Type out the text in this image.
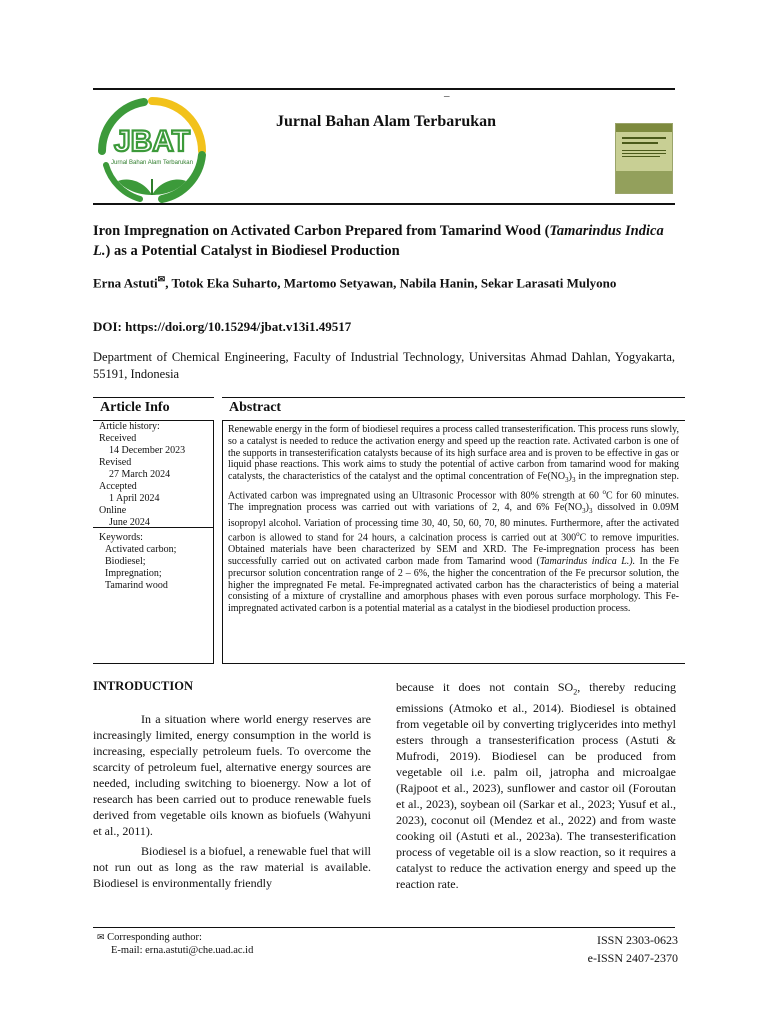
_
JBAT
Jurnal Bahan Alam Terbarukan
Jurnal Bahan Alam Terbarukan
Iron Impregnation on Activated Carbon Prepared from Tamarind Wood (Tamarindus Indica L.) as a Potential Catalyst in Biodiesel Production
Erna Astuti✉, Totok Eka Suharto, Martomo Setyawan, Nabila Hanin, Sekar Larasati Mulyono
DOI: https://doi.org/10.15294/jbat.v13i1.49517
Department of Chemical Engineering, Faculty of Industrial Technology, Universitas Ahmad Dahlan, Yogyakarta, 55191, Indonesia
Article Info	Abstract
Article history:
Received
14 December 2023
Revised
27 March 2024
Accepted
1 April 2024
Online
June 2024
Keywords:
Activated carbon;
Biodiesel;
Impregnation;
Tamarind wood
Renewable energy in the form of biodiesel requires a process called transesterification. This process runs slowly, so a catalyst is needed to reduce the activation energy and speed up the reaction rate. Activated carbon is one of the supports in transesterification catalysts because of its high surface area and is proven to be effective in gas or liquid phase reactions. This work aims to study the potential of active carbon from tamarind wood for making catalysts, the characteristics of the catalyst and the optimal concentration of $Fe(NO_3)_3$ in the impregnation step. Activated carbon was impregnated using an Ultrasonic Processor with 80% strength at 60 $^o$C for 60 minutes. The impregnation process was carried out with variations of 2, 4, and 6% $Fe(NO_3)_3$ dissolved in 0.09M isopropyl alcohol. Variation of processing time 30, 40, 50, 60, 70, 80 minutes. Furthermore, after the activated carbon is allowed to stand for 24 hours, a calcination process is carried out at 300$^o$C to remove impurities. Obtained materials have been characterized by SEM and XRD. The Fe-impregnation process has been successfully carried out on activated carbon made from Tamarind wood (Tamarindus indica L.). In the Fe precursor solution concentration range of 2 – 6%, the higher the concentration of the Fe precursor solution, the higher the impregnated Fe metal. Fe-impregnated activated carbon has the characteristics of being a material consisting of a mixture of crystalline and amorphous phases with even porous surface morphology. This Fe-impregnated activated carbon is a potential material as a catalyst in the biodiesel production process.
INTRODUCTION

In a situation where world energy reserves are increasingly limited, energy consumption in the world is increasing, especially petroleum fuels. To overcome the scarcity of petroleum fuel, alternative energy sources are needed, including switching to bioenergy. Now a lot of research has been carried out to produce renewable fuels derived from vegetable oils known as biofuels (Wahyuni et al., 2011).

Biodiesel is a biofuel, a renewable fuel that will not run out as long as the raw material is available. Biodiesel is environmentally friendly

because it does not contain $SO_2$, thereby reducing emissions (Atmoko et al., 2014). Biodiesel is obtained from vegetable oil by converting triglycerides into methyl esters through a transesterification process (Astuti & Mufrodi, 2019). Biodiesel can be produced from vegetable oil i.e. palm oil, jatropha and microalgae (Rajpoot et al., 2023), sunflower and castor oil (Foroutan et al., 2023), soybean oil (Sarkar et al., 2023; Yusuf et al., 2023), coconut oil (Mendez et al., 2022) and from waste cooking oil (Astuti et al., 2023a). The transesterification process of vegetable oil is a slow reaction, so it requires a catalyst to reduce the activation energy and speed up the reaction rate.
✉ Corresponding author:
E-mail: erna.astuti@che.uad.ac.id
ISSN 2303-0623
e-ISSN 2407-2370
